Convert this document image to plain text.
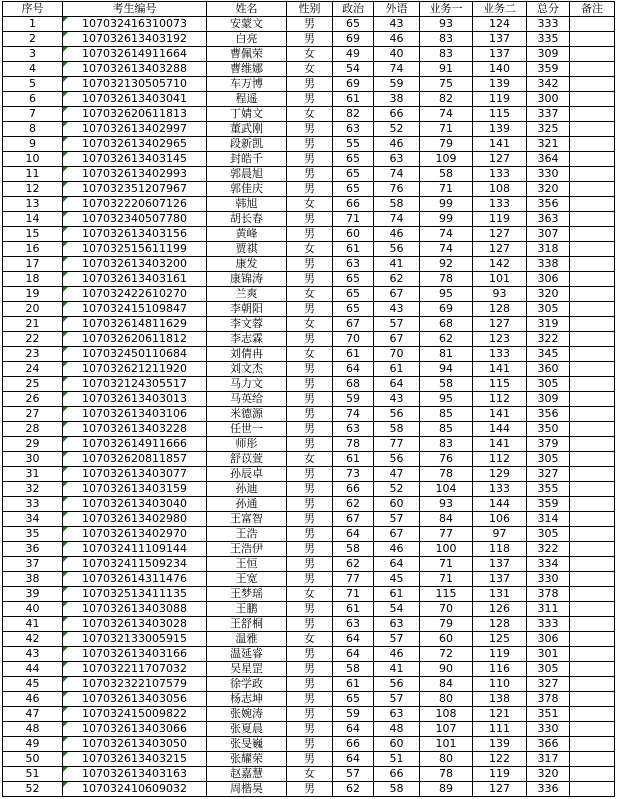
序号	考生编号	姓名	性别	政治	外语	业务一	业务二	总分	备注
1	107032416310073	安蒙文	男	65	43	93	124	333	
2	107032613403192	白亮	男	69	46	83	137	335	
3	107032614911664	曹佩荣	女	49	40	83	137	309	
4	107032613403288	曹维娜	女	54	74	91	140	359	
5	107032130505710	车万博	男	69	59	75	139	342	
6	107032613403041	程遥	男	61	38	82	119	300	
7	107032620611813	丁婧文	女	82	66	74	115	337	
8	107032613402997	董武刚	男	63	52	71	139	325	
9	107032613402965	段新凯	男	55	46	79	141	321	
10	107032613403145	封皓千	男	65	63	109	127	364	
11	107032613402993	郭晨旭	男	65	74	58	133	330	
12	107032351207967	郭佳庆	男	65	76	71	108	320	
13	107032220607126	韩旭	女	66	58	99	133	356	
14	107032340507780	胡长春	男	71	74	99	119	363	
15	107032613403156	黄峰	男	60	46	74	127	307	
16	107032515611199	贾祺	女	61	56	74	127	318	
17	107032613403200	康发	男	63	41	92	142	338	
18	107032613403161	康锦涛	男	65	62	78	101	306	
19	107032422610270	兰爽	女	65	67	95	93	320	
20	107032415109847	李朝阳	男	65	43	69	128	305	
21	107032614811629	李文蓉	女	67	57	68	127	319	
22	107032620611812	李志霖	男	70	67	62	123	322	
23	107032450110684	刘倩冉	女	61	70	81	133	345	
24	107032621211920	刘文杰	男	64	61	94	141	360	
25	107032124305517	马力文	男	68	64	58	115	305	
26	107032613403013	马英给	男	59	43	95	112	309	
27	107032613403106	米德源	男	74	56	85	141	356	
28	107032613403228	任世一	男	63	58	85	144	350	
29	107032614911666	师彤	男	78	77	83	141	379	
30	107032620811857	舒苡萱	女	61	56	76	112	305	
31	107032613403077	孙辰卓	男	73	47	78	129	327	
32	107032613403159	孙迪	男	66	52	104	133	355	
33	107032613403040	孙通	男	62	60	93	144	359	
34	107032613402980	王富智	男	67	57	84	106	314	
35	107032613402970	王浩	男	64	67	77	97	305	
36	107032411109144	王浩伊	男	58	46	100	118	322	
37	107032411509234	王恒	男	62	64	71	137	334	
38	107032614311476	王宽	男	77	45	71	137	330	
39	107032513411135	王梦瑶	女	71	61	115	131	378	
40	107032613403088	王鹏	男	61	54	70	126	311	
41	107032613403028	王舒桐	男	63	63	79	128	333	
42	107032133005915	温雅	女	64	57	60	125	306	
43	107032613403166	温延睿	男	64	46	72	119	301	
44	107032211707032	吴星罡	男	58	41	90	116	305	
45	107032322107579	徐学政	男	61	56	84	110	327	
46	107032613403056	杨志坤	男	65	57	80	138	378	
47	107032415009822	张婉涛	男	59	63	108	121	351	
48	107032613403066	张夏晨	男	64	48	107	111	330	
49	107032613403050	张旻巍	男	66	60	101	139	366	
50	107032613403215	张耀荣	男	64	51	80	122	317	
51	107032613403163	赵嘉慧	女	57	66	78	119	320	
52	107032410609032	周楷昊	男	62	58	89	127	336	
